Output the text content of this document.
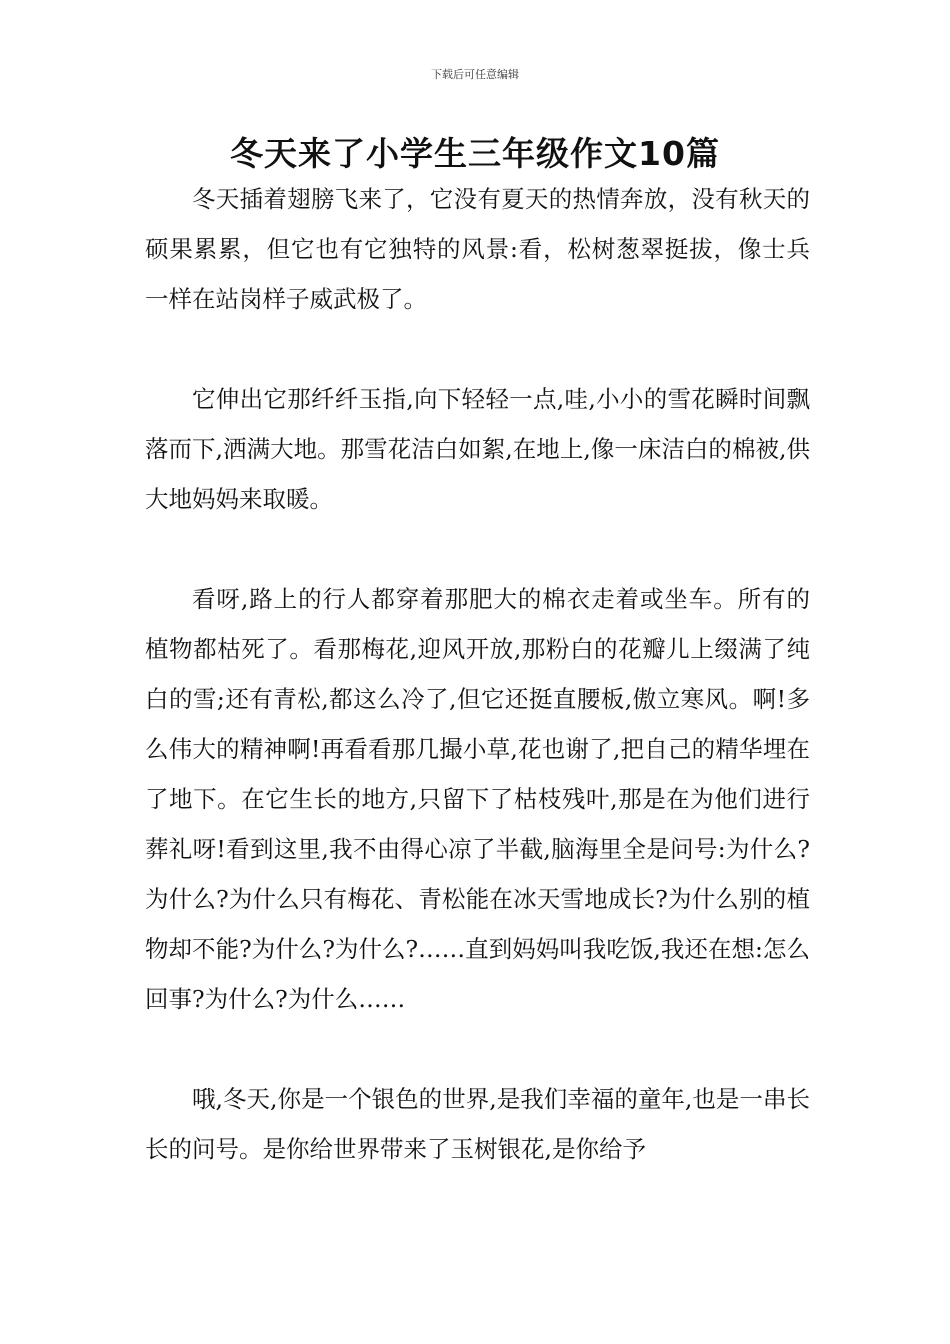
下载后可任意编辑
冬天来了小学生三年级作文10篇

冬天插着翅膀飞来了，它没有夏天的热情奔放，没有秋天的硕果累累，但它也有它独特的风景:看，松树葱翠挺拔，像士兵一样在站岗样子威武极了。

它伸出它那纤纤玉指,向下轻轻一点,哇,小小的雪花瞬时间飘落而下,洒满大地。那雪花洁白如絮,在地上,像一床洁白的棉被,供大地妈妈来取暖。

看呀,路上的行人都穿着那肥大的棉衣走着或坐车。所有的植物都枯死了。看那梅花,迎风开放,那粉白的花瓣儿上缀满了纯白的雪;还有青松,都这么冷了,但它还挺直腰板,傲立寒风。啊!多么伟大的精神啊!再看看那几撮小草,花也谢了,把自己的精华埋在了地下。在它生长的地方,只留下了枯枝残叶,那是在为他们进行葬礼呀!看到这里,我不由得心凉了半截,脑海里全是问号:为什么?为什么?为什么只有梅花、青松能在冰天雪地成长?为什么别的植物却不能?为什么?为什么?……直到妈妈叫我吃饭,我还在想:怎么回事?为什么?为什么……

哦,冬天,你是一个银色的世界,是我们幸福的童年,也是一串长长的问号。是你给世界带来了玉树银花,是你给予
